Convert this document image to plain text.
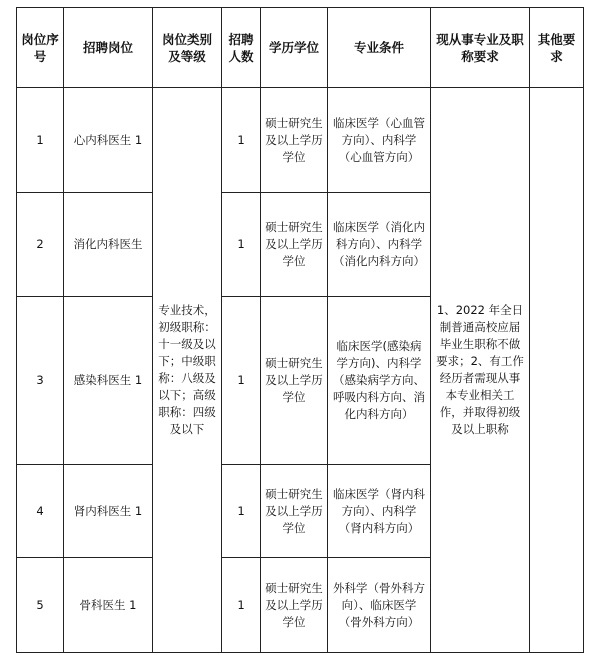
岗位序号	招聘岗位	岗位类别及等级	招聘人数	学历学位	专业条件	现从事专业及职称要求	其他要求
1	心内科医生 1	专业技术，初级职称：十一级及以下；中级职称：八级及以下；高级职称：四级及以下	1	硕士研究生及以上学历学位	临床医学（心血管方向）、内科学（心血管方向）	1、2022 年全日制普通高校应届毕业生职称不做要求；2、有工作经历者需现从事本专业相关工作，并取得初级及以上职称	
2	消化内科医生		1	硕士研究生及以上学历学位	临床医学（消化内科方向）、内科学（消化内科方向）		
3	感染科医生 1		1	硕士研究生及以上学历学位	临床医学(感染病学方向)、内科学（感染病学方向、呼吸内科方向、消化内科方向）		
4	肾内科医生 1		1	硕士研究生及以上学历学位	临床医学（肾内科方向）、内科学（肾内科方向）		
5	骨科医生 1		1	硕士研究生及以上学历学位	外科学（骨外科方向）、临床医学（骨外科方向）		
